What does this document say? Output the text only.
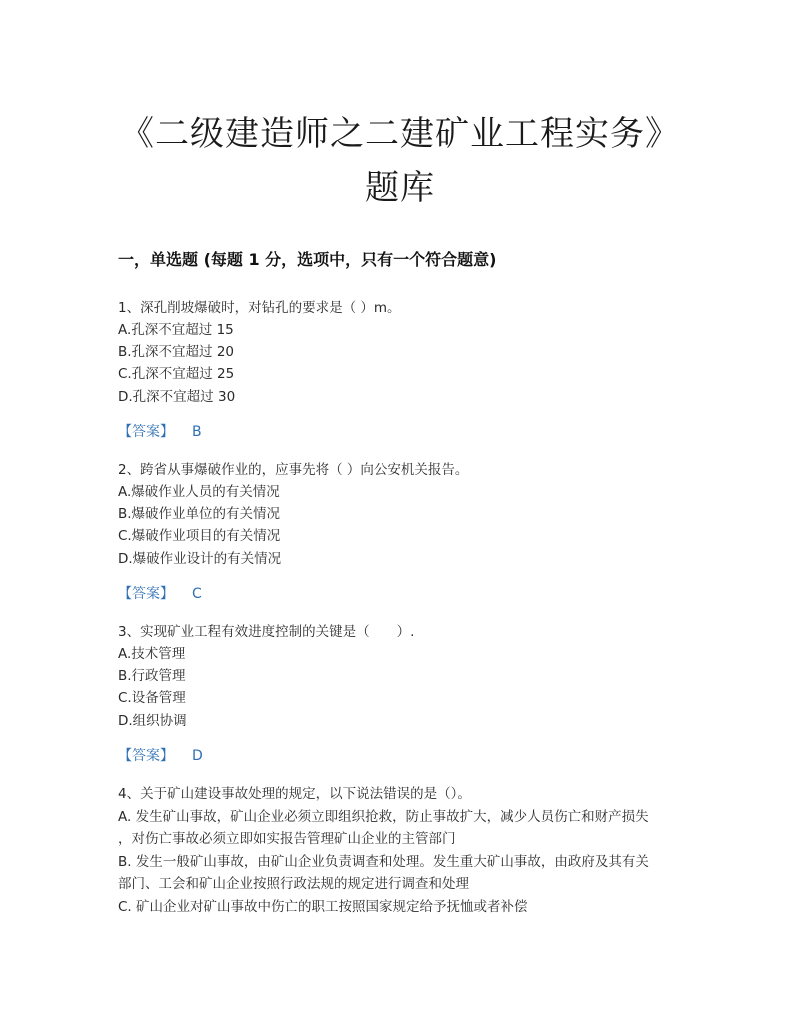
《二级建造师之二建矿业工程实务》
题库
一，单选题 (每题 1 分，选项中，只有一个符合题意)
1、深孔削坡爆破时，对钻孔的要求是（ ）m。
A.孔深不宜超过 15
B.孔深不宜超过 20
C.孔深不宜超过 25
D.孔深不宜超过 30
【答案】 B
2、跨省从事爆破作业的，应事先将（ ）向公安机关报告。
A.爆破作业人员的有关情况
B.爆破作业单位的有关情况
C.爆破作业项目的有关情况
D.爆破作业设计的有关情况
【答案】 C
3、实现矿业工程有效进度控制的关键是（　　）.
A.技术管理
B.行政管理
C.设备管理
D.组织协调
【答案】 D
4、关于矿山建设事故处理的规定，以下说法错误的是（）。
A. 发生矿山事故，矿山企业必须立即组织抢救，防止事故扩大，减少人员伤亡和财产损失
，对伤亡事故必须立即如实报告管理矿山企业的主管部门
B. 发生一般矿山事故，由矿山企业负责调查和处理。发生重大矿山事故，由政府及其有关
部门、工会和矿山企业按照行政法规的规定进行调查和处理
C. 矿山企业对矿山事故中伤亡的职工按照国家规定给予抚恤或者补偿
